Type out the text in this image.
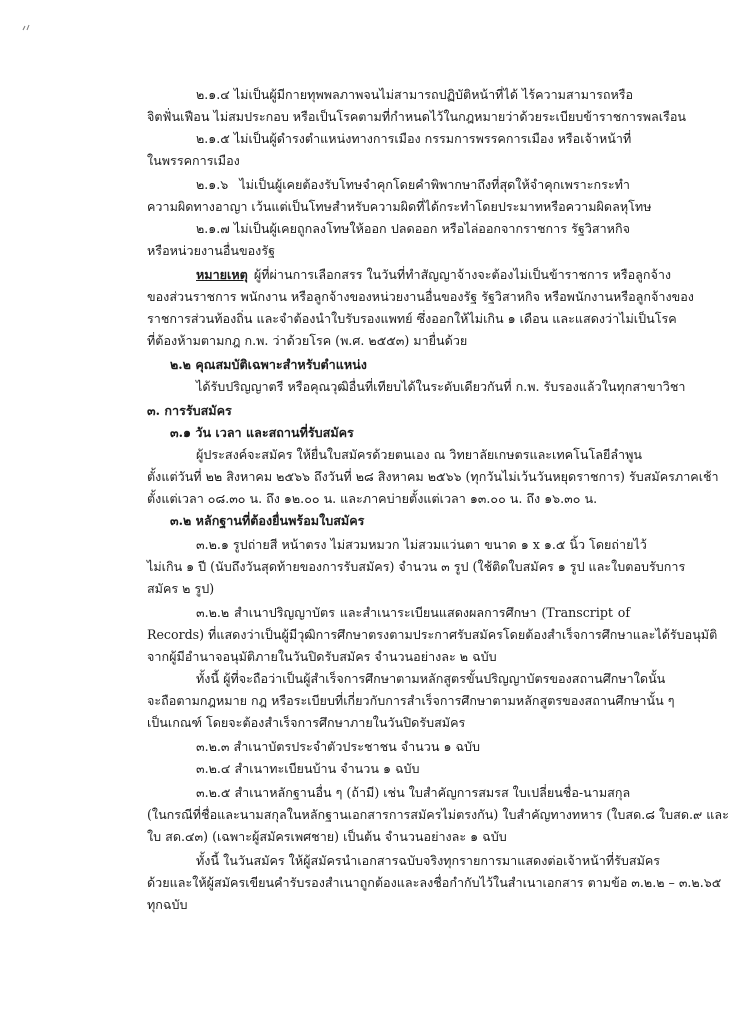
๒.๑.๔ ไม่เป็นผู้มีกายทุพพลภาพจนไม่สามารถปฏิบัติหน้าที่ได้ ไร้ความสามารถหรือ
จิตฟั่นเฟือน ไม่สมประกอบ หรือเป็นโรคตามที่กำหนดไว้ในกฎหมายว่าด้วยระเบียบข้าราชการพลเรือน
๒.๑.๕ ไม่เป็นผู้ดำรงตำแหน่งทางการเมือง กรรมการพรรคการเมือง หรือเจ้าหน้าที่
ในพรรคการเมือง
๒.๑.๖ ไม่เป็นผู้เคยต้องรับโทษจำคุกโดยคำพิพากษาถึงที่สุดให้จำคุกเพราะกระทำ
ความผิดทางอาญา เว้นแต่เป็นโทษสำหรับความผิดที่ได้กระทำโดยประมาทหรือความผิดลหุโทษ
๒.๑.๗ ไม่เป็นผู้เคยถูกลงโทษให้ออก ปลดออก หรือไล่ออกจากราชการ รัฐวิสาหกิจ
หรือหน่วยงานอื่นของรัฐ
หมายเหตุ ผู้ที่ผ่านการเลือกสรร ในวันที่ทำสัญญาจ้างจะต้องไม่เป็นข้าราชการ หรือลูกจ้าง
ของส่วนราชการ พนักงาน หรือลูกจ้างของหน่วยงานอื่นของรัฐ รัฐวิสาหกิจ หรือพนักงานหรือลูกจ้างของ
ราชการส่วนท้องถิ่น และจำต้องนำใบรับรองแพทย์ ซึ่งออกให้ไม่เกิน ๑ เดือน และแสดงว่าไม่เป็นโรค
ที่ต้องห้ามตามกฎ ก.พ. ว่าด้วยโรค (พ.ศ. ๒๕๕๓) มายื่นด้วย
๒.๒ คุณสมบัติเฉพาะสำหรับตำแหน่ง
ได้รับปริญญาตรี หรือคุณวุฒิอื่นที่เทียบได้ในระดับเดียวกันที่ ก.พ. รับรองแล้วในทุกสาขาวิชา
๓. การรับสมัคร
๓.๑ วัน เวลา และสถานที่รับสมัคร
ผู้ประสงค์จะสมัคร ให้ยื่นใบสมัครด้วยตนเอง ณ วิทยาลัยเกษตรและเทคโนโลยีลำพูน
ตั้งแต่วันที่ ๒๒ สิงหาคม ๒๕๖๖ ถึงวันที่ ๒๘ สิงหาคม ๒๕๖๖ (ทุกวันไม่เว้นวันหยุดราชการ) รับสมัครภาคเช้า
ตั้งแต่เวลา ๐๘.๓๐ น. ถึง ๑๒.๐๐ น. และภาคบ่ายตั้งแต่เวลา ๑๓.๐๐ น. ถึง ๑๖.๓๐ น.
๓.๒ หลักฐานที่ต้องยื่นพร้อมใบสมัคร
๓.๒.๑ รูปถ่ายสี หน้าตรง ไม่สวมหมวก ไม่สวมแว่นตา ขนาด ๑ x ๑.๕ นิ้ว โดยถ่ายไว้
ไม่เกิน ๑ ปี (นับถึงวันสุดท้ายของการรับสมัคร) จำนวน ๓ รูป (ใช้ติดใบสมัคร ๑ รูป และใบตอบรับการ
สมัคร ๒ รูป)
๓.๒.๒ สำเนาปริญญาบัตร และสำเนาระเบียนแสดงผลการศึกษา (Transcript of
Records) ที่แสดงว่าเป็นผู้มีวุฒิการศึกษาตรงตามประกาศรับสมัครโดยต้องสำเร็จการศึกษาและได้รับอนุมัติ
จากผู้มีอำนาจอนุมัติภายในวันปิดรับสมัคร จำนวนอย่างละ ๒ ฉบับ
ทั้งนี้ ผู้ที่จะถือว่าเป็นผู้สำเร็จการศึกษาตามหลักสูตรขั้นปริญญาบัตรของสถานศึกษาใดนั้น
จะถือตามกฎหมาย กฎ หรือระเบียบที่เกี่ยวกับการสำเร็จการศึกษาตามหลักสูตรของสถานศึกษานั้น ๆ
เป็นเกณฑ์ โดยจะต้องสำเร็จการศึกษาภายในวันปิดรับสมัคร
๓.๒.๓ สำเนาบัตรประจำตัวประชาชน จำนวน ๑ ฉบับ
๓.๒.๔ สำเนาทะเบียนบ้าน จำนวน ๑ ฉบับ
๓.๒.๕ สำเนาหลักฐานอื่น ๆ (ถ้ามี) เช่น ใบสำคัญการสมรส ใบเปลี่ยนชื่อ-นามสกุล
(ในกรณีที่ชื่อและนามสกุลในหลักฐานเอกสารการสมัครไม่ตรงกัน) ใบสำคัญทางทหาร (ใบสด.๘ ใบสด.๙ และ
ใบ สด.๔๓) (เฉพาะผู้สมัครเพศชาย) เป็นต้น จำนวนอย่างละ ๑ ฉบับ
ทั้งนี้ ในวันสมัคร ให้ผู้สมัครนำเอกสารฉบับจริงทุกรายการมาแสดงต่อเจ้าหน้าที่รับสมัคร
ด้วยและให้ผู้สมัครเขียนคำรับรองสำเนาถูกต้องและลงชื่อกำกับไว้ในสำเนาเอกสาร ตามข้อ ๓.๒.๒ – ๓.๒.๖๕
ทุกฉบับ
